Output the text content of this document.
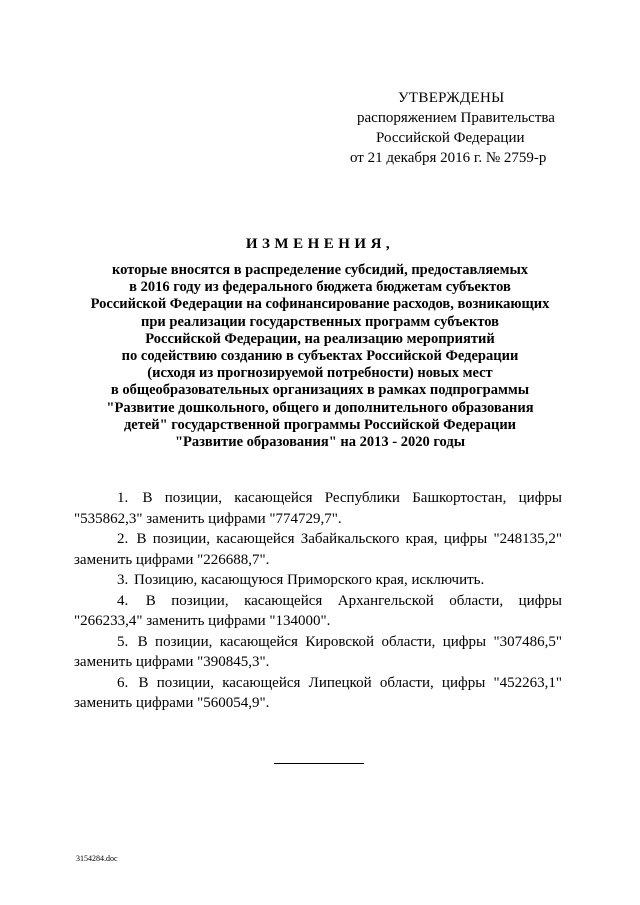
УТВЕРЖДЕНЫ
распоряжением Правительства
Российской Федерации
от 21 декабря 2016 г. № 2759-р
ИЗМЕНЕНИЯ,
которые вносятся в распределение субсидий, предоставляемых
в 2016 году из федерального бюджета бюджетам субъектов
Российской Федерации на софинансирование расходов, возникающих
при реализации государственных программ субъектов
Российской Федерации, на реализацию мероприятий
по содействию созданию в субъектах Российской Федерации
(исходя из прогнозируемой потребности) новых мест
в общеобразовательных организациях в рамках подпрограммы
"Развитие дошкольного, общего и дополнительного образования
детей" государственной программы Российской Федерации
"Развитие образования" на 2013 - 2020 годы

1. В позиции, касающейся Республики Башкортостан, цифры "535862,3" заменить цифрами "774729,7".

2. В позиции, касающейся Забайкальского края, цифры "248135,2" заменить цифрами "226688,7".

3. Позицию, касающуюся Приморского края, исключить.

4. В позиции, касающейся Архангельской области, цифры "266233,4" заменить цифрами "134000".

5. В позиции, касающейся Кировской области, цифры "307486,5" заменить цифрами "390845,3".

6. В позиции, касающейся Липецкой области, цифры "452263,1" заменить цифрами "560054,9".

3154284.doc
